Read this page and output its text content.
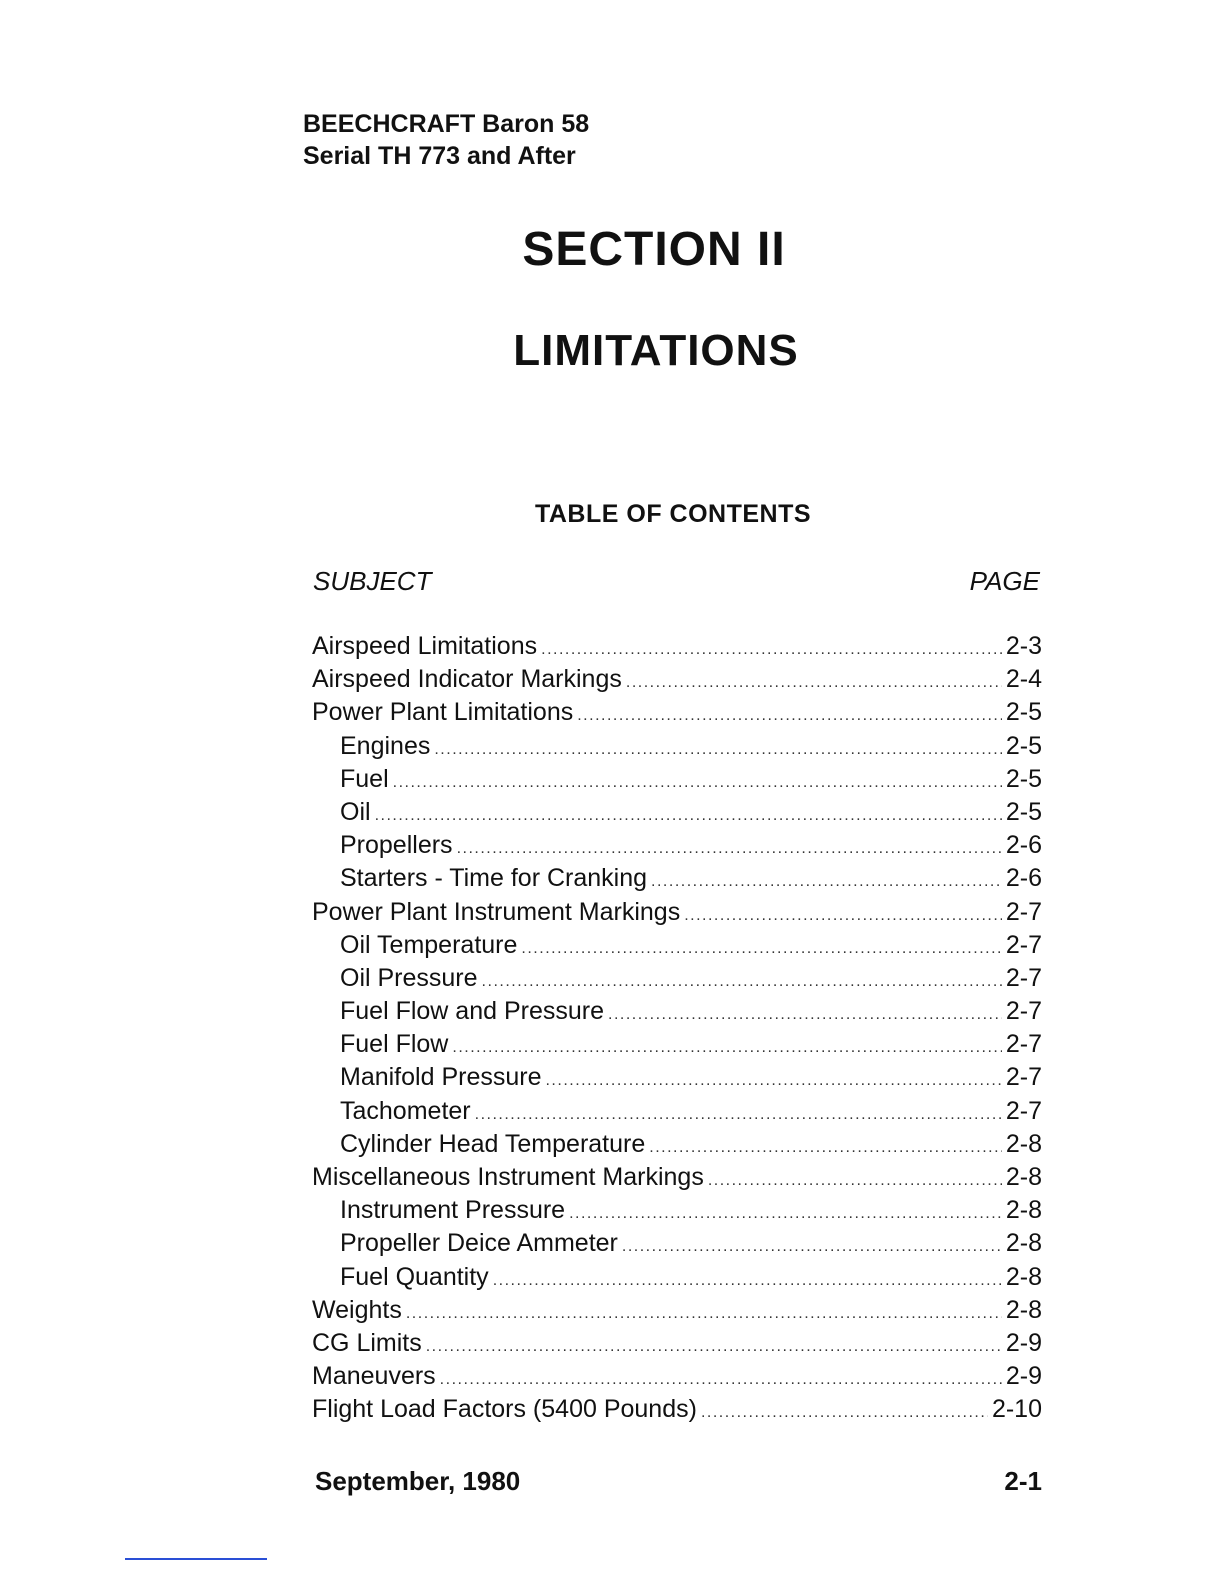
BEECHCRAFT Baron 58
Serial TH 773 and After
SECTION II
LIMITATIONS
TABLE OF CONTENTS
SUBJECT	PAGE
Airspeed Limitations .....	2-3
Airspeed Indicator Markings .....	2-4
Power Plant Limitations .....	2-5
Engines .....	2-5
Fuel .....	2-5
Oil .....	2-5
Propellers .....	2-6
Starters - Time for Cranking .....	2-6
Power Plant Instrument Markings .....	2-7
Oil Temperature .....	2-7
Oil Pressure .....	2-7
Fuel Flow and Pressure .....	2-7
Fuel Flow .....	2-7
Manifold Pressure .....	2-7
Tachometer .....	2-7
Cylinder Head Temperature .....	2-8
Miscellaneous Instrument Markings .....	2-8
Instrument Pressure .....	2-8
Propeller Deice Ammeter .....	2-8
Fuel Quantity .....	2-8
Weights .....	2-8
CG Limits .....	2-9
Maneuvers .....	2-9
Flight Load Factors (5400 Pounds) .....	2-10
September, 1980	2-1
